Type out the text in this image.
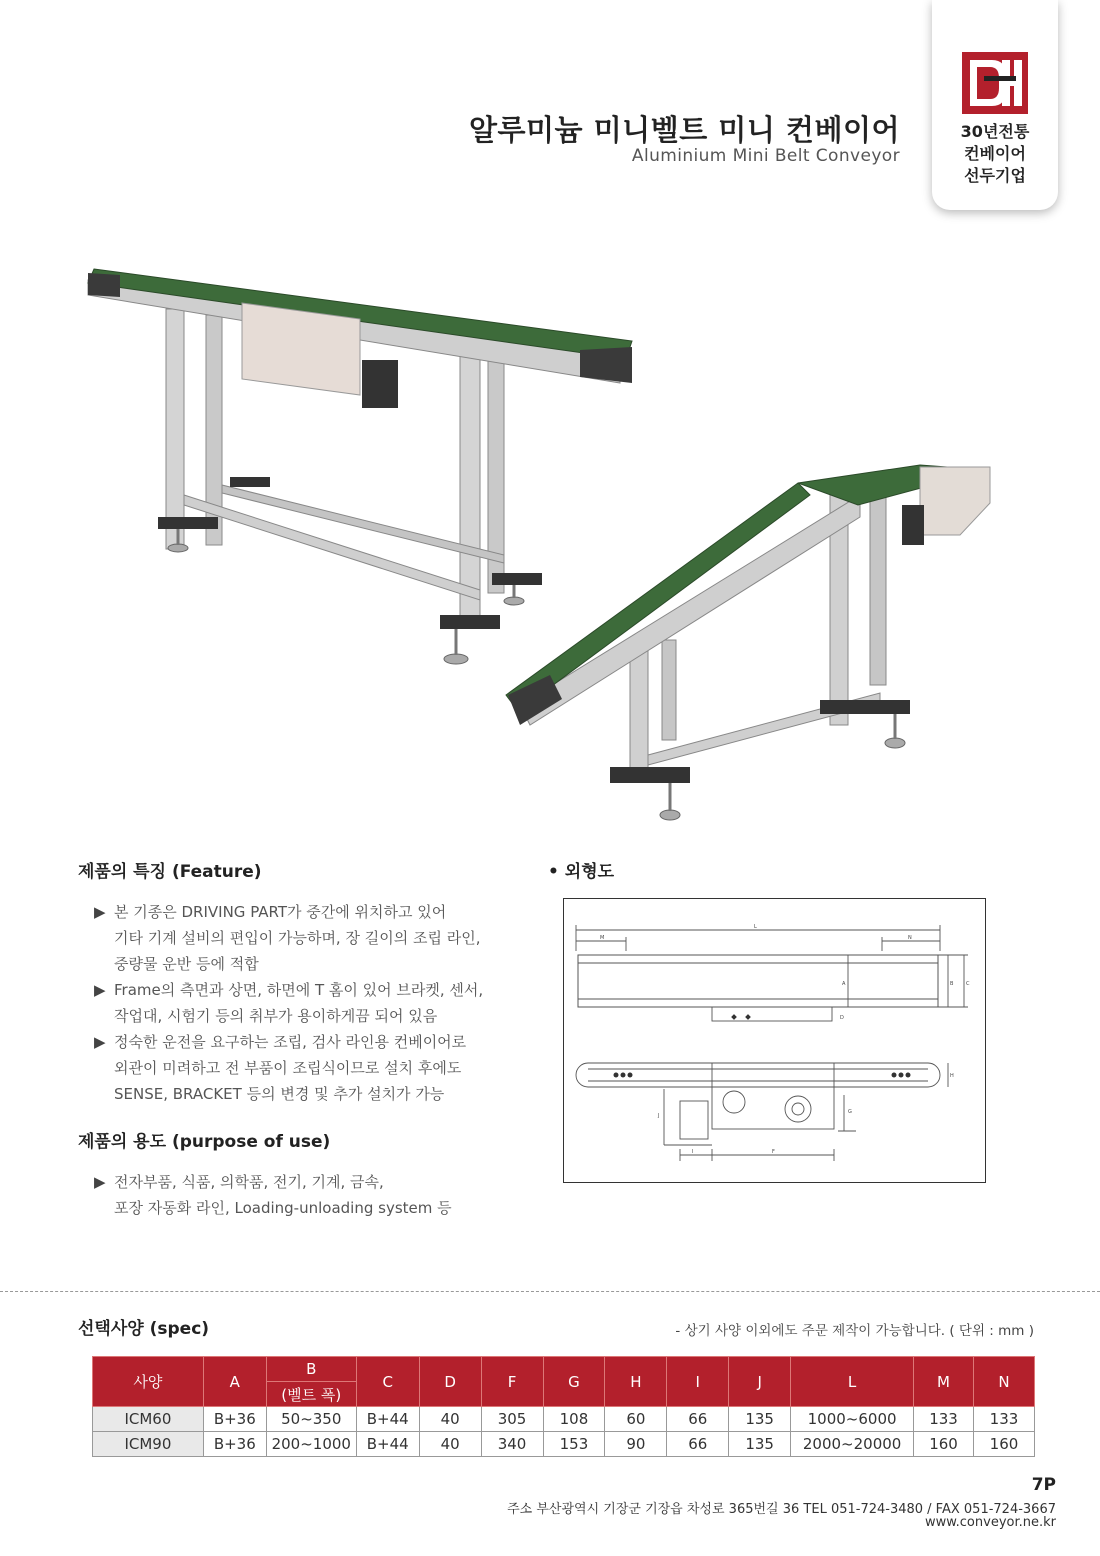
30년전통
컨베이어
선두기업
알루미늄 미니벨트 미니 컨베이어
Aluminium Mini Belt Conveyor
제품의 특징 (Feature)
▶ 본 기종은 DRIVING PART가 중간에 위치하고 있어
기타 기계 설비의 편입이 가능하며, 장 길이의 조립 라인,
중량물 운반 등에 적합
▶ Frame의 측면과 상면, 하면에 T 홈이 있어 브라켓, 센서,
작업대, 시험기 등의 취부가 용이하게끔 되어 있음
▶ 정숙한 운전을 요구하는 조립, 검사 라인용 컨베이어로
외관이 미려하고 전 부품이 조립식이므로 설치 후에도
SENSE, BRACKET 등의 변경 및 추가 설치가 가능
제품의 용도 (purpose of use)
▶ 전자부품, 식품, 의학품, 전기, 기계, 금속,
포장 자동화 라인, Loading-unloading system 등
• 외형도
L
M	N
A	B	C
D
F
G
H
I
J
선택사양 (spec)	- 상기 사양 이외에도 주문 제작이 가능합니다. ( 단위 : mm )
사양	A	B	C	D	F	G	H	I	J	L	M	N
		(벨트 폭)										
ICM60	B+36	50~350	B+44	40	305	108	60	66	135	1000~6000	133	133
ICM90	B+36	200~1000	B+44	40	340	153	90	66	135	2000~20000	160	160
7P
주소 부산광역시 기장군 기장읍 차성로 365번길 36 TEL 051-724-3480 / FAX 051-724-3667
www.conveyor.ne.kr
